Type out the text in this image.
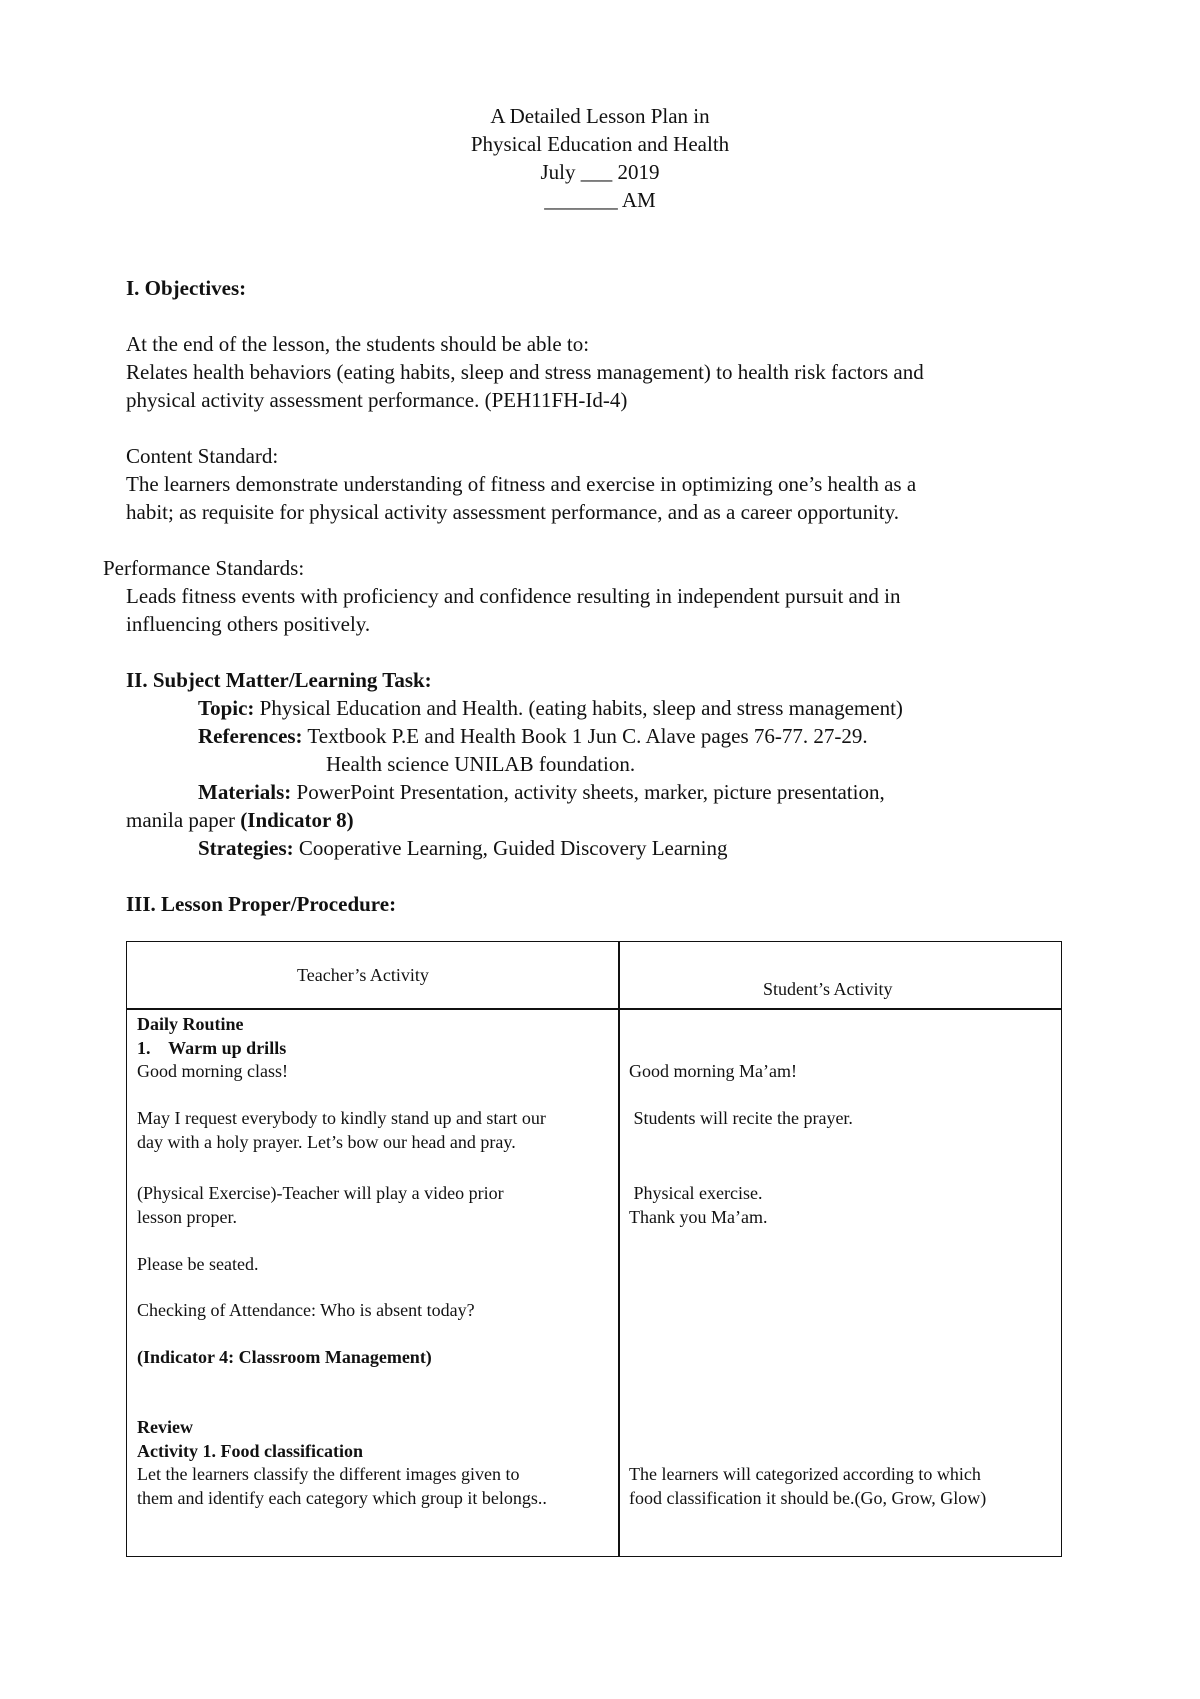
A Detailed Lesson Plan in
Physical Education and Health
July ___ 2019
_______ AM
I. Objectives:
At the end of the lesson, the students should be able to:
Relates health behaviors (eating habits, sleep and stress management) to health risk factors and
physical activity assessment performance. (PEH11FH-Id-4)
Content Standard:
The learners demonstrate understanding of fitness and exercise in optimizing one’s health as a
habit; as requisite for physical activity assessment performance, and as a career opportunity.
Performance Standards:
Leads fitness events with proficiency and confidence resulting in independent pursuit and in
influencing others positively.
II. Subject Matter/Learning Task:
Topic: Physical Education and Health. (eating habits, sleep and stress management)
References: Textbook P.E and Health Book 1 Jun C. Alave pages 76-77. 27-29.
Health science UNILAB foundation.
Materials: PowerPoint Presentation, activity sheets, marker, picture presentation,
manila paper (Indicator 8)
Strategies: Cooperative Learning, Guided Discovery Learning
III. Lesson Proper/Procedure:
Teacher’s Activity
Student’s Activity
Daily Routine
1.    Warm up drills
Good morning class!
May I request everybody to kindly stand up and start our
day with a holy prayer. Let’s bow our head and pray.
(Physical Exercise)-Teacher will play a video prior
lesson proper.
Please be seated.
Checking of Attendance: Who is absent today?
(Indicator 4: Classroom Management)
Review
Activity 1. Food classification
Let the learners classify the different images given to
them and identify each category which group it belongs..
Good morning Ma’am!
Students will recite the prayer.
Physical exercise.
Thank you Ma’am.
The learners will categorized according to which
food classification it should be.(Go, Grow, Glow)
